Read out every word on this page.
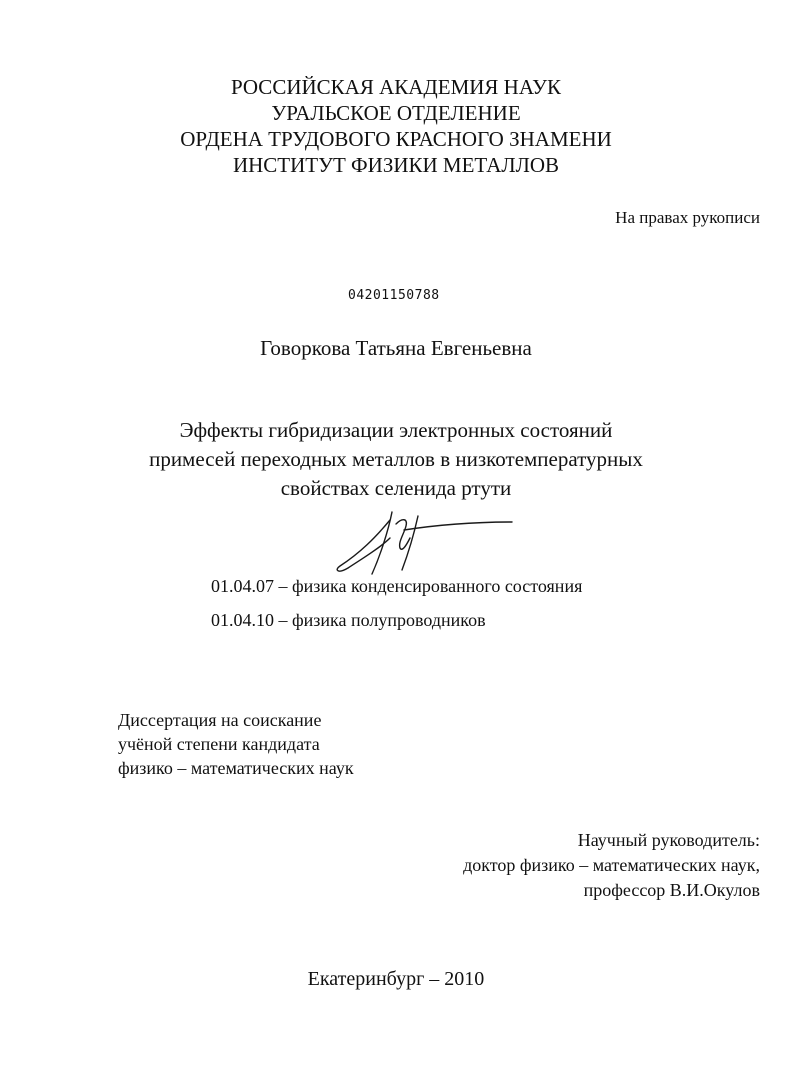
РОССИЙСКАЯ АКАДЕМИЯ НАУК
УРАЛЬСКОЕ ОТДЕЛЕНИЕ
ОРДЕНА ТРУДОВОГО КРАСНОГО ЗНАМЕНИ
ИНСТИТУТ ФИЗИКИ МЕТАЛЛОВ
На правах рукописи
04201150788
Говоркова Татьяна Евгеньевна
Эффекты гибридизации электронных состояний
примесей переходных металлов в низкотемпературных
свойствах селенида ртути
01.04.07 – физика конденсированного состояния
01.04.10 – физика полупроводников
Диссертация на соискание
учёной степени кандидата
физико – математических наук
Научный руководитель:
доктор физико – математических наук,
профессор В.И.Окулов
Екатеринбург – 2010
